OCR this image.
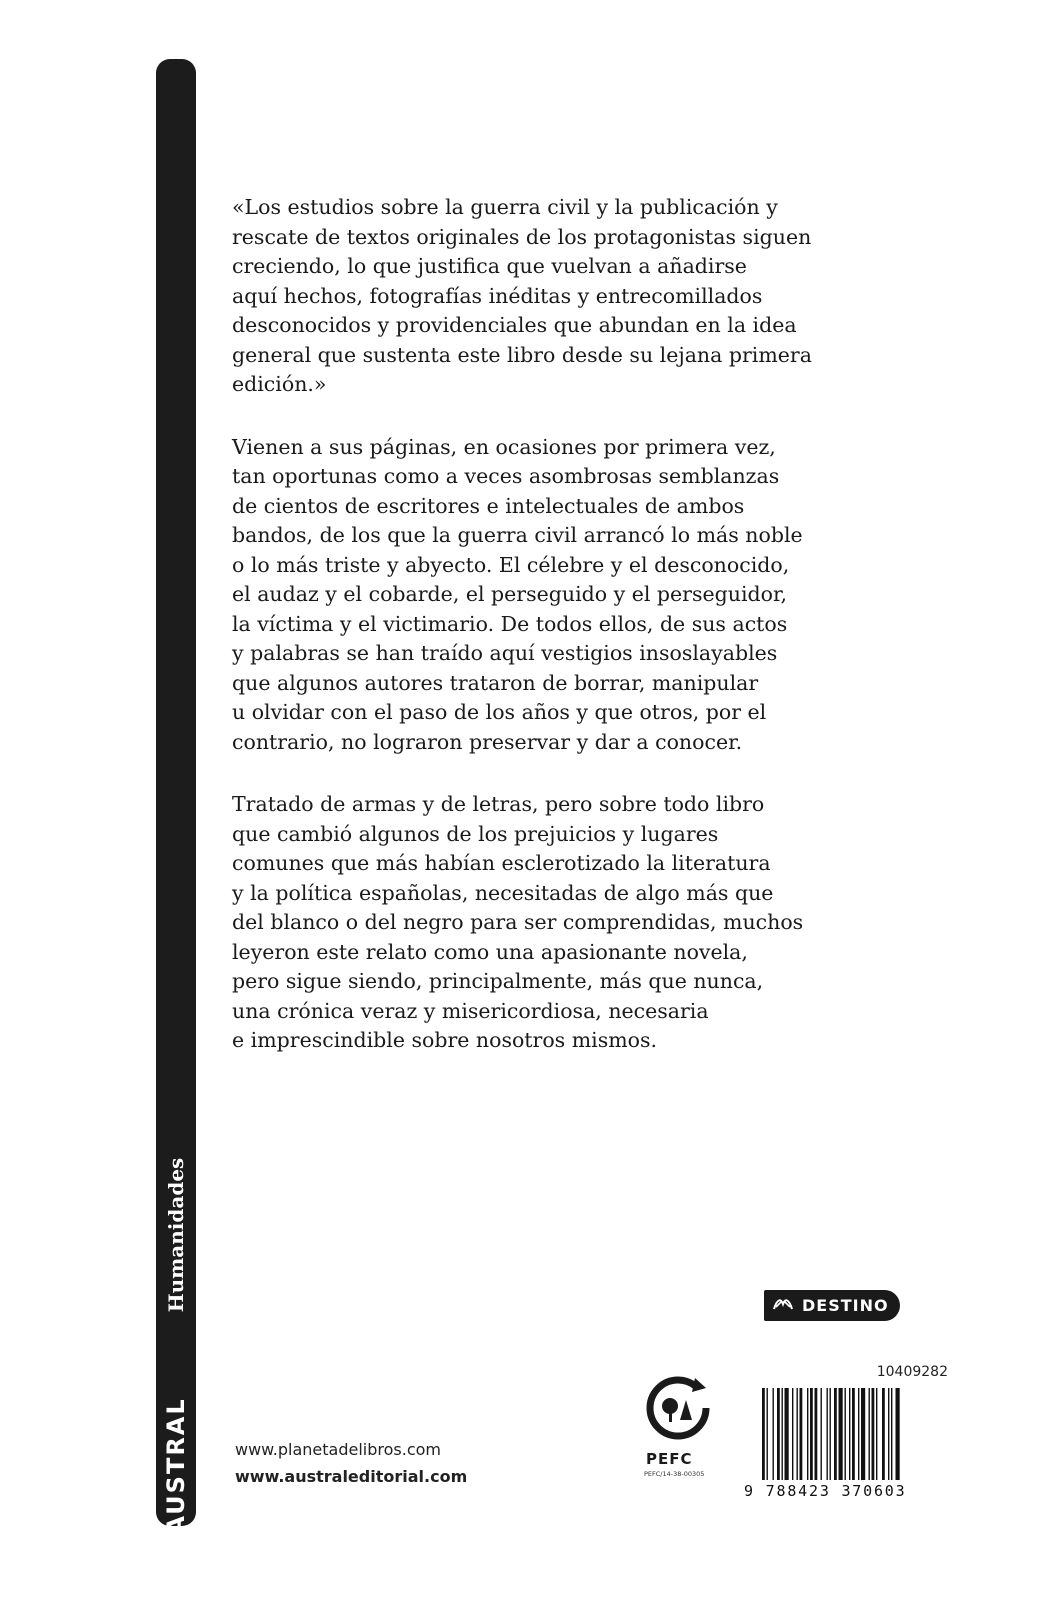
Humanidades
AUSTRAL

«Los estudios sobre la guerra civil y la publicación y
rescate de textos originales de los protagonistas siguen
creciendo, lo que justifica que vuelvan a añadirse
aquí hechos, fotografías inéditas y entrecomillados
desconocidos y providenciales que abundan en la idea
general que sustenta este libro desde su lejana primera
edición.»

Vienen a sus páginas, en ocasiones por primera vez,
tan oportunas como a veces asombrosas semblanzas
de cientos de escritores e intelectuales de ambos
bandos, de los que la guerra civil arrancó lo más noble
o lo más triste y abyecto. El célebre y el desconocido,
el audaz y el cobarde, el perseguido y el perseguidor,
la víctima y el victimario. De todos ellos, de sus actos
y palabras se han traído aquí vestigios insoslayables
que algunos autores trataron de borrar, manipular
u olvidar con el paso de los años y que otros, por el
contrario, no lograron preservar y dar a conocer.

Tratado de armas y de letras, pero sobre todo libro
que cambió algunos de los prejuicios y lugares
comunes que más habían esclerotizado la literatura
y la política españolas, necesitadas de algo más que
del blanco o del negro para ser comprendidas, muchos
leyeron este relato como una apasionante novela,
pero sigue siendo, principalmente, más que nunca,
una crónica veraz y misericordiosa, necesaria
e imprescindible sobre nosotros mismos.

DESTINO
www.planetadelibros.com
www.australeditorial.com
PEFC
PEFC/14-38-00305
10409282
9 788423 370603
